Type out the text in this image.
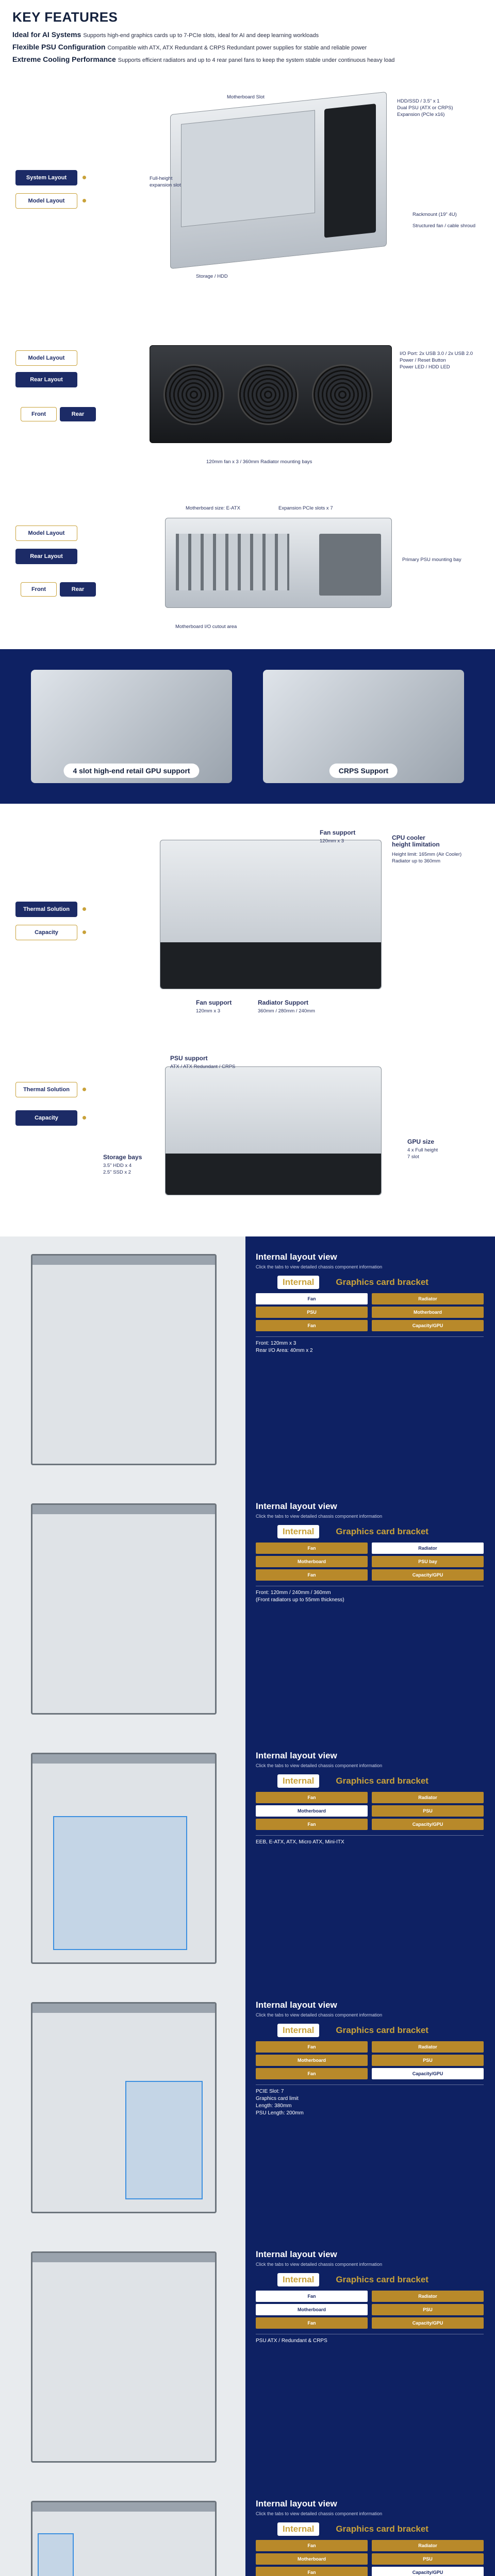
KEY FEATURES
Ideal for AI Systems Supports high-end graphics cards up to 7-PCIe slots, ideal for AI and deep learning workloads
Flexible PSU Configuration Compatible with ATX, ATX Redundant & CRPS Redundant power supplies for stable and reliable power
Extreme Cooling Performance Supports efficient radiators and up to 4 rear panel fans to keep the system stable under continuous heavy load
System Layout
Model Layout
Motherboard Slot
Full-height
expansion slot
HDD/SSD / 3.5" x 1
Dual PSU (ATX or CRPS)
Expansion (PCIe x16)
Rackmount (19" 4U)
Storage / HDD
Structured fan / cable shroud
Model Layout
Rear Layout
Front	Rear
I/O Port: 2x USB 3.0 / 2x USB 2.0
Power / Reset Button
Power LED / HDD LED
120mm fan x 3 / 360mm Radiator mounting bays
Model Layout
Rear Layout
Front	Rear
Motherboard size: E-ATX	Expansion PCIe slots x 7
Primary PSU mounting bay
Motherboard I/O cutout area
4 slot high-end retail GPU support	CRPS Support
Thermal Solution
Capacity
Fan support
120mm x 3	CPU cooler
height limitation
Height limit: 165mm (Air Cooler)
Radiator up to 360mm
Fan support
120mm x 3
Radiator Support
360mm / 280mm / 240mm
Thermal Solution
Capacity
PSU support
ATX / ATX Redundant / CRPS
Storage bays
3.5" HDD x 4
2.5" SSD x 2
GPU size
4 x Full height
7 slot
Internal layout view
Click the tabs to view detailed chassis component information
Internal	Graphics card bracket
Fan	Radiator
PSU	Motherboard
Fan	Capacity/GPU
Front: 120mm x 3
Rear I/O Area: 40mm x 2
Internal layout view
Click the tabs to view detailed chassis component information
Internal	Graphics card bracket
Fan	Radiator
Motherboard	PSU bay
Fan	Capacity/GPU
Front: 120mm / 240mm / 360mm
(Front radiators up to 55mm thickness)
Internal layout view
Click the tabs to view detailed chassis component information
Internal	Graphics card bracket
Fan	Radiator
Motherboard	PSU
Fan	Capacity/GPU
EEB, E-ATX, ATX, Micro ATX, Mini-ITX
Internal layout view
Click the tabs to view detailed chassis component information
Internal	Graphics card bracket
Fan	Radiator
Motherboard	PSU
Fan	Capacity/GPU
PCIE Slot: 7
Graphics card limit
Length: 380mm
PSU Length: 200mm
Internal layout view
Click the tabs to view detailed chassis component information
Internal	Graphics card bracket
Fan	Radiator
Motherboard	PSU
Fan	Capacity/GPU
PSU ATX / Redundant & CRPS
Internal layout view
Click the tabs to view detailed chassis component information
Internal	Graphics card bracket
Fan	Radiator
Motherboard	PSU
Fan	Capacity/GPU
